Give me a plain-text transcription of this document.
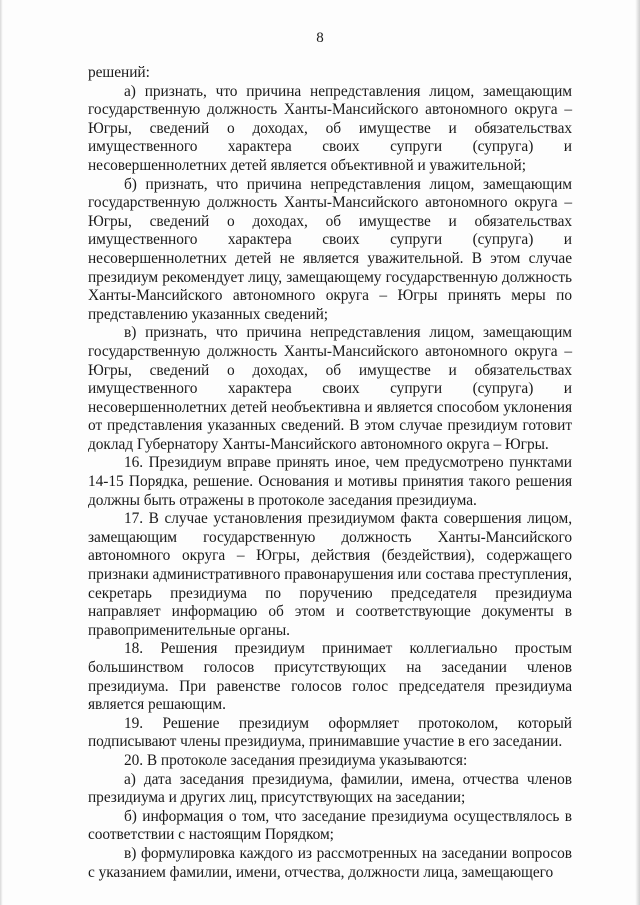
8

решений:

а) признать, что причина непредставления лицом, замещающим государственную должность Ханты-Мансийского автономного округа – Югры, сведений о доходах, об имуществе и обязательствах имущественного характера своих супруги (супруга) и несовершеннолетних детей является объективной и уважительной;

б) признать, что причина непредставления лицом, замещающим государственную должность Ханты-Мансийского автономного округа – Югры, сведений о доходах, об имуществе и обязательствах имущественного характера своих супруги (супруга) и несовершеннолетних детей не является уважительной. В этом случае президиум рекомендует лицу, замещающему государственную должность Ханты-Мансийского автономного округа – Югры принять меры по представлению указанных сведений;

в) признать, что причина непредставления лицом, замещающим государственную должность Ханты-Мансийского автономного округа – Югры, сведений о доходах, об имуществе и обязательствах имущественного характера своих супруги (супруга) и несовершеннолетних детей необъективна и является способом уклонения от представления указанных сведений. В этом случае президиум готовит доклад Губернатору Ханты-Мансийского автономного округа – Югры.

16. Президиум вправе принять иное, чем предусмотрено пунктами 14-15 Порядка, решение. Основания и мотивы принятия такого решения должны быть отражены в протоколе заседания президиума.

17. В случае установления президиумом факта совершения лицом, замещающим государственную должность Ханты-Мансийского автономного округа – Югры, действия (бездействия), содержащего признаки административного правонарушения или состава преступления, секретарь президиума по поручению председателя президиума направляет информацию об этом и соответствующие документы в правоприменительные органы.

18. Решения президиум принимает коллегиально простым большинством голосов присутствующих на заседании членов президиума. При равенстве голосов голос председателя президиума является решающим.

19. Решение президиум оформляет протоколом, который подписывают члены президиума, принимавшие участие в его заседании.

20. В протоколе заседания президиума указываются:

а) дата заседания президиума, фамилии, имена, отчества членов президиума и других лиц, присутствующих на заседании;

б) информация о том, что заседание президиума осуществлялось в соответствии с настоящим Порядком;

в) формулировка каждого из рассмотренных на заседании вопросов с указанием фамилии, имени, отчества, должности лица, замещающего
